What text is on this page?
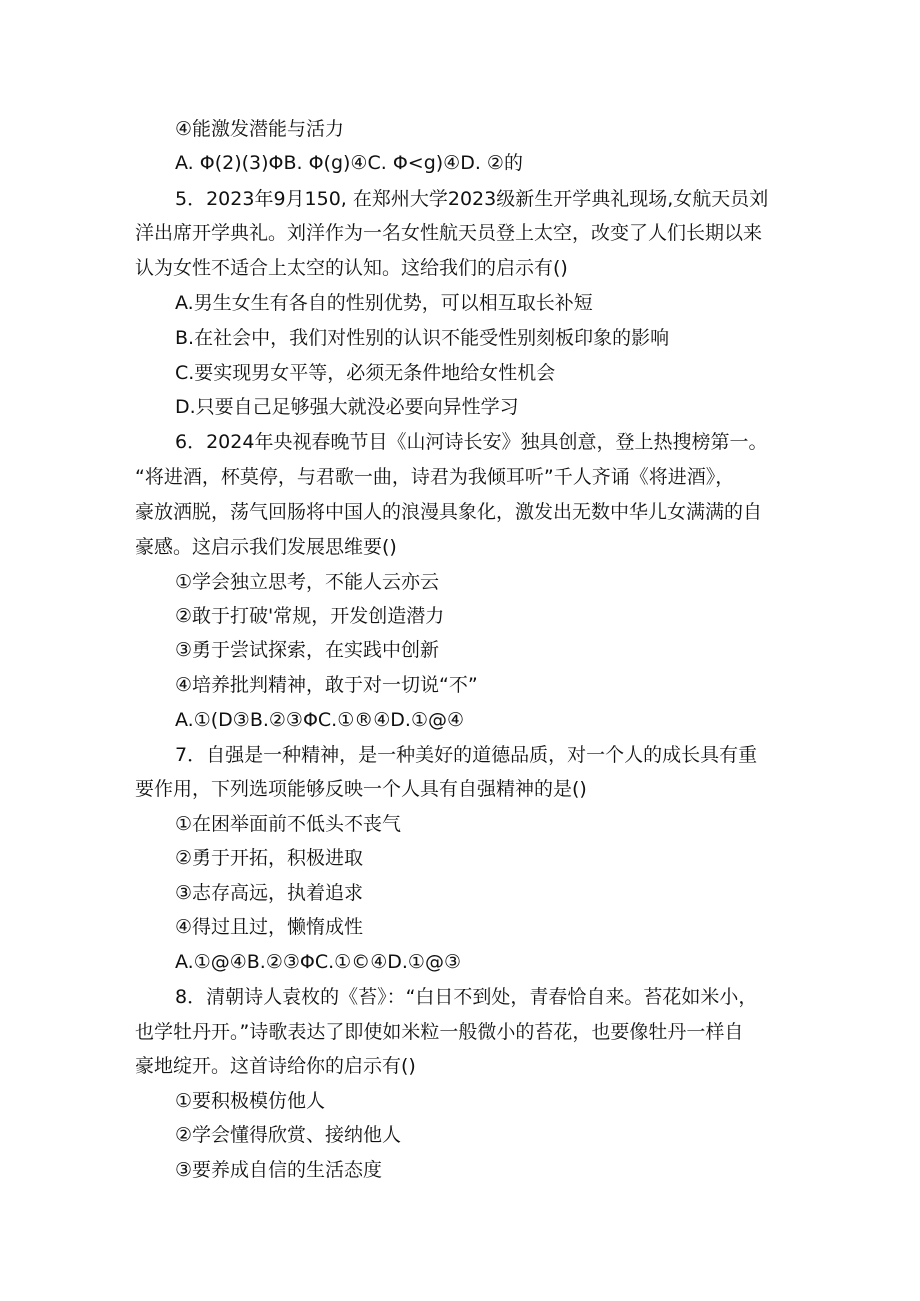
④能激发潜能与活力
A. Φ(2)(3)ΦB. Φ(g)④C. Φ<g)④D. ②的
5．2023年9月150, 在郑州大学2023级新生开学典礼现场,女航天员刘
洋出席开学典礼。刘洋作为一名女性航天员登上太空，改变了人们长期以来
认为女性不适合上太空的认知。这给我们的启示有()
A.男生女生有各自的性别优势，可以相互取长补短
B.在社会中，我们对性别的认识不能受性别刻板印象的影响
C.要实现男女平等，必须无条件地给女性机会
D.只要自己足够强大就没必要向异性学习
6．2024年央视春晚节目《山河诗长安》独具创意，登上热搜榜第一。
“将进酒，杯莫停，与君歌一曲，诗君为我倾耳听”千人齐诵《将进酒》，
豪放洒脱，荡气回肠将中国人的浪漫具象化，激发出无数中华儿女满满的自
豪感。这启示我们发展思维要()
①学会独立思考，不能人云亦云
②敢于打破'常规，开发创造潜力
③勇于尝试探索，在实践中创新
④培养批判精神，敢于对一切说“不”
A.①(D③B.②③ΦC.①®④D.①@④
7．自强是一种精神，是一种美好的道德品质，对一个人的成长具有重
要作用，下列选项能够反映一个人具有自强精神的是()
①在困举面前不低头不丧气
②勇于开拓，积极进取
③志存高远，执着追求
④得过且过，懒惰成性
A.①@④B.②③ΦC.①©④D.①@③
8．清朝诗人袁枚的《苔》：“白日不到处，青春恰自来。苔花如米小，
也学牡丹开。”诗歌表达了即使如米粒一般微小的苔花，也要像牡丹一样自
豪地绽开。这首诗给你的启示有()
①要积极模仿他人
②学会懂得欣赏、接纳他人
③要养成自信的生活态度
